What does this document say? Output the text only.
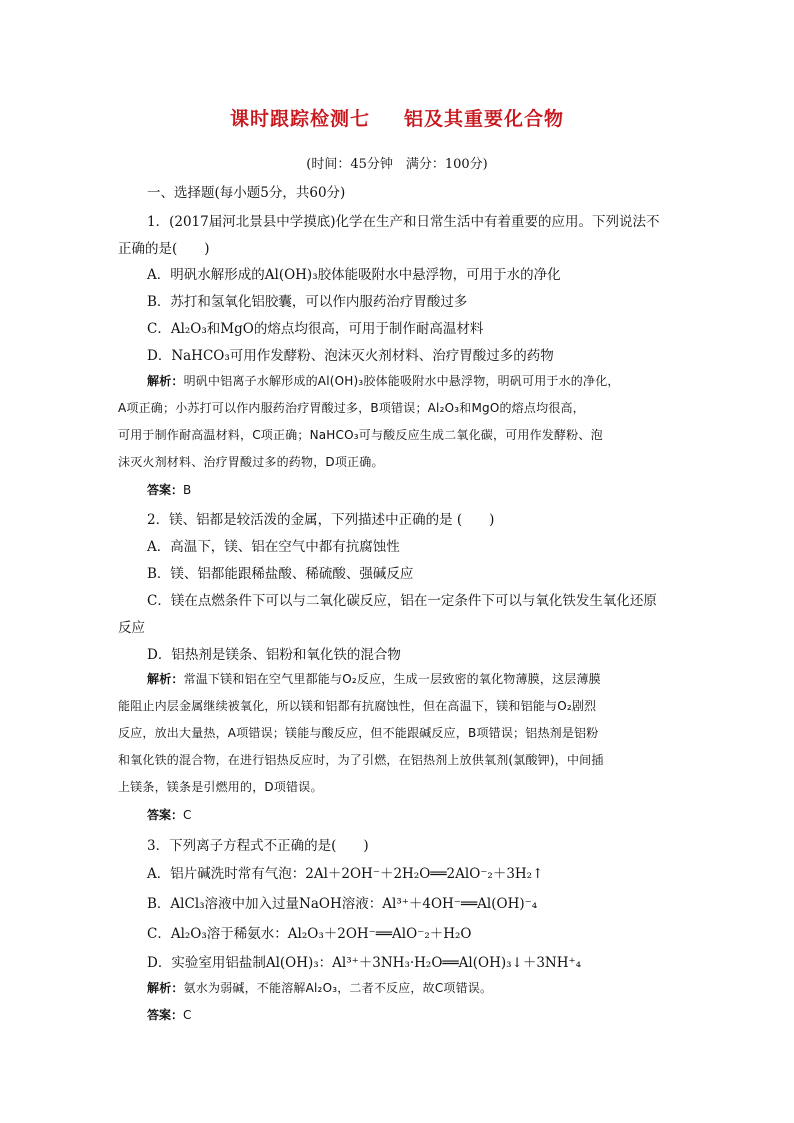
课时跟踪检测七 铝及其重要化合物
(时间：45分钟　满分：100分)
一、选择题(每小题5分，共60分)
1．(2017届河北景县中学摸底)化学在生产和日常生活中有着重要的应用。下列说法不
正确的是(　　)
A．明矾水解形成的Al(OH)₃胶体能吸附水中悬浮物，可用于水的净化
B．苏打和氢氧化铝胶囊，可以作内服药治疗胃酸过多
C．Al₂O₃和MgO的熔点均很高，可用于制作耐高温材料
D．NaHCO₃可用作发酵粉、泡沫灭火剂材料、治疗胃酸过多的药物
解析：明矾中铝离子水解形成的Al(OH)₃胶体能吸附水中悬浮物，明矾可用于水的净化，
A项正确；小苏打可以作内服药治疗胃酸过多，B项错误；Al₂O₃和MgO的熔点均很高，
可用于制作耐高温材料，C项正确；NaHCO₃可与酸反应生成二氧化碳，可用作发酵粉、泡
沫灭火剂材料、治疗胃酸过多的药物，D项正确。
答案：B
2．镁、铝都是较活泼的金属，下列描述中正确的是 (　　)
A．高温下，镁、铝在空气中都有抗腐蚀性
B．镁、铝都能跟稀盐酸、稀硫酸、强碱反应
C．镁在点燃条件下可以与二氧化碳反应，铝在一定条件下可以与氧化铁发生氧化还原
反应
D．铝热剂是镁条、铝粉和氧化铁的混合物
解析：常温下镁和铝在空气里都能与O₂反应，生成一层致密的氧化物薄膜，这层薄膜
能阻止内层金属继续被氧化，所以镁和铝都有抗腐蚀性，但在高温下，镁和铝能与O₂剧烈
反应，放出大量热，A项错误；镁能与酸反应，但不能跟碱反应，B项错误；铝热剂是铝粉
和氧化铁的混合物，在进行铝热反应时，为了引燃，在铝热剂上放供氧剂(氯酸钾)，中间插
上镁条，镁条是引燃用的，D项错误。
答案：C
3．下列离子方程式不正确的是(　　)
A．铝片碱洗时常有气泡：2Al＋2OH⁻＋2H₂O══2AlO⁻₂＋3H₂↑
B．AlCl₃溶液中加入过量NaOH溶液：Al³⁺＋4OH⁻══Al(OH)⁻₄
C．Al₂O₃溶于稀氨水：Al₂O₃＋2OH⁻══AlO⁻₂＋H₂O
D．实验室用铝盐制Al(OH)₃：Al³⁺＋3NH₃·H₂O══Al(OH)₃↓＋3NH⁺₄
解析：氨水为弱碱，不能溶解Al₂O₃，二者不反应，故C项错误。
答案：C
